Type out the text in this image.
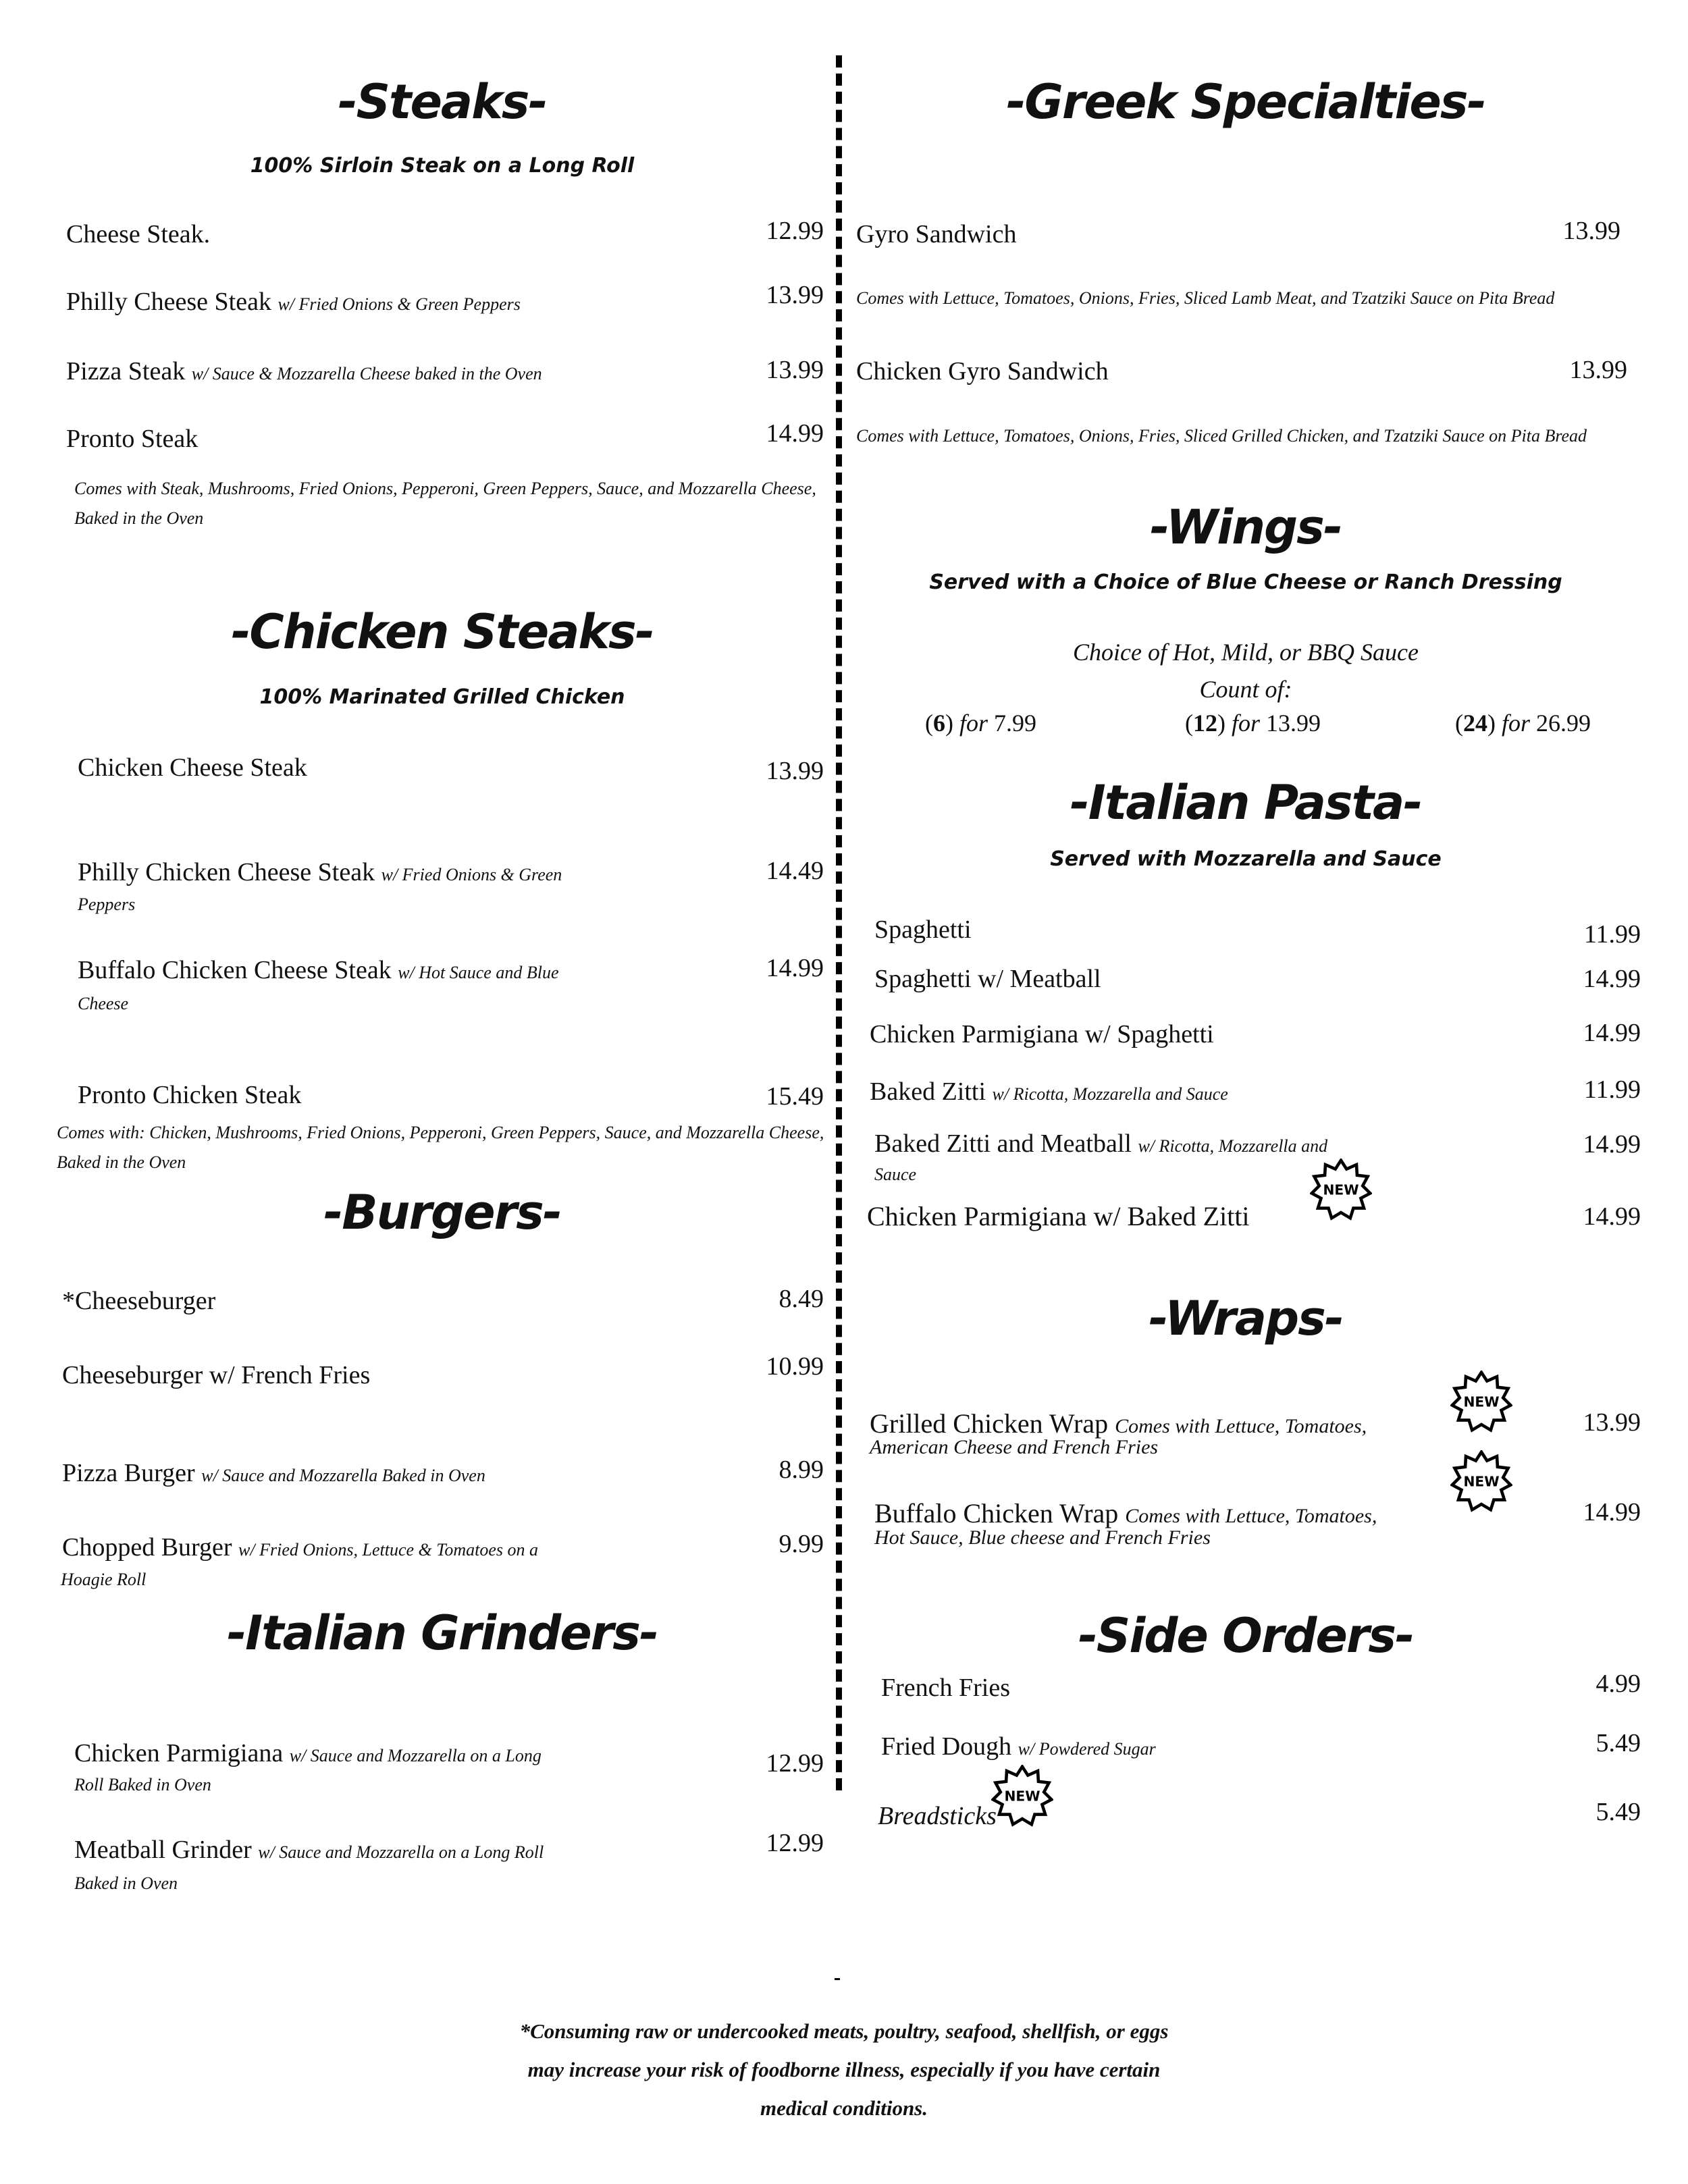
-Steaks-
100% Sirloin Steak on a Long Roll
Cheese Steak.	12.99
Philly Cheese Steak w/ Fried Onions & Green Peppers	13.99
Pizza Steak w/ Sauce & Mozzarella Cheese baked in the Oven	13.99
Pronto Steak	14.99
Comes with Steak, Mushrooms, Fried Onions, Pepperoni, Green Peppers, Sauce, and Mozzarella Cheese, Baked in the Oven
-Chicken Steaks-
100% Marinated Grilled Chicken
Chicken Cheese Steak	13.99
Philly Chicken Cheese Steak w/ Fried Onions & Green
Peppers
14.49
Buffalo Chicken Cheese Steak w/ Hot Sauce and Blue
Cheese
14.99
Pronto Chicken Steak	15.49
Comes with: Chicken, Mushrooms, Fried Onions, Pepperoni, Green Peppers, Sauce, and Mozzarella Cheese, Baked in the Oven
-Burgers-
*Cheeseburger	8.49
Cheeseburger w/ French Fries	10.99
Pizza Burger w/ Sauce and Mozzarella Baked in Oven	8.99
Chopped Burger w/ Fried Onions, Lettuce & Tomatoes on a
Hoagie Roll
9.99
-Italian Grinders-
Chicken Parmigiana w/ Sauce and Mozzarella on a Long
Roll Baked in Oven
12.99
Meatball Grinder w/ Sauce and Mozzarella on a Long Roll
Baked in Oven
12.99
-Greek Specialties-
Gyro Sandwich	13.99
Comes with Lettuce, Tomatoes, Onions, Fries, Sliced Lamb Meat, and Tzatziki Sauce on Pita Bread
Chicken Gyro Sandwich	13.99
Comes with Lettuce, Tomatoes, Onions, Fries, Sliced Grilled Chicken, and Tzatziki Sauce on Pita Bread
-Wings-
Served with a Choice of Blue Cheese or Ranch Dressing
Choice of Hot, Mild, or BBQ Sauce
Count of:
(6) for 7.99	(12) for 13.99	(24) for 26.99
-Italian Pasta-
Served with Mozzarella and Sauce
Spaghetti	11.99
Spaghetti w/ Meatball	14.99
Chicken Parmigiana w/ Spaghetti	14.99
Baked Zitti w/ Ricotta, Mozzarella and Sauce	11.99
Baked Zitti and Meatball w/ Ricotta, Mozzarella and
Sauce
14.99
Chicken Parmigiana w/ Baked Zitti
NEW
14.99
-Wraps-
Grilled Chicken Wrap Comes with Lettuce, Tomatoes,
American Cheese and French Fries
NEW
13.99
Buffalo Chicken Wrap Comes with Lettuce, Tomatoes,
Hot Sauce, Blue cheese and French Fries
NEW
14.99
-Side Orders-
French Fries	4.99
Fried Dough w/ Powdered Sugar	5.49
Breadsticks
NEW
5.49
*Consuming raw or undercooked meats, poultry, seafood, shellfish, or eggs
may increase your risk of foodborne illness, especially if you have certain
medical conditions.
